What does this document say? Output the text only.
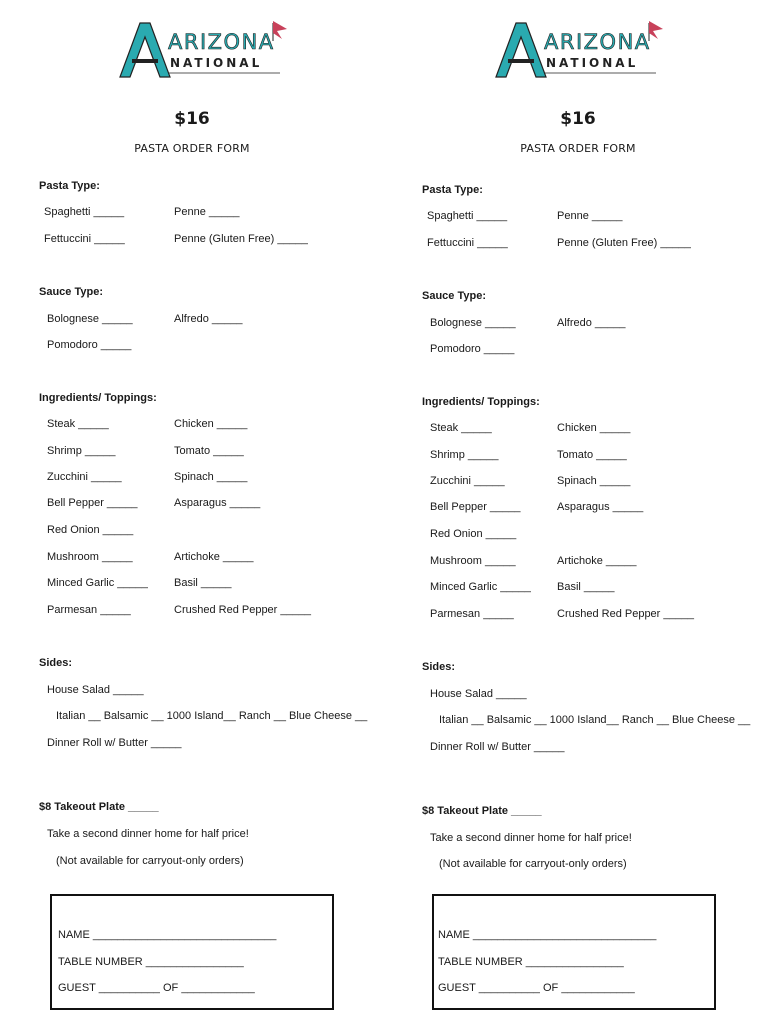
ARIZONA
NATIONAL
$16
PASTA ORDER FORM
Pasta Type:
Spaghetti _____	Penne _____
Fettuccini _____	Penne (Gluten Free) _____
Sauce Type:
Bolognese _____	Alfredo _____
Pomodoro _____
Ingredients/ Toppings:
Steak _____	Chicken _____
Shrimp _____	Tomato _____
Zucchini _____	Spinach _____
Bell Pepper _____	Asparagus _____
Red Onion _____
Mushroom _____	Artichoke _____
Minced Garlic _____ Basil _____
Parmesan _____	Crushed Red Pepper _____
Sides:
House Salad _____
Italian __ Balsamic __ 1000 Island__ Ranch __ Blue Cheese __
Dinner Roll w/ Butter _____
$8 Takeout Plate _____
Take a second dinner home for half price!
(Not available for carryout-only orders)
NAME ______________________________
TABLE NUMBER ________________
GUEST __________ OF ____________
ARIZONA
NATIONAL
$16
PASTA ORDER FORM
Pasta Type:
Spaghetti _____	Penne _____
Fettuccini _____	Penne (Gluten Free) _____
Sauce Type:
Bolognese _____	Alfredo _____
Pomodoro _____
Ingredients/ Toppings:
Steak _____	Chicken _____
Shrimp _____	Tomato _____
Zucchini _____	Spinach _____
Bell Pepper _____	Asparagus _____
Red Onion _____
Mushroom _____	Artichoke _____
Minced Garlic _____ Basil _____
Parmesan _____	Crushed Red Pepper _____
Sides:
House Salad _____
Italian __ Balsamic __ 1000 Island__ Ranch __ Blue Cheese __
Dinner Roll w/ Butter _____
$8 Takeout Plate _____
Take a second dinner home for half price!
(Not available for carryout-only orders)
NAME ______________________________
TABLE NUMBER ________________
GUEST __________ OF ____________
